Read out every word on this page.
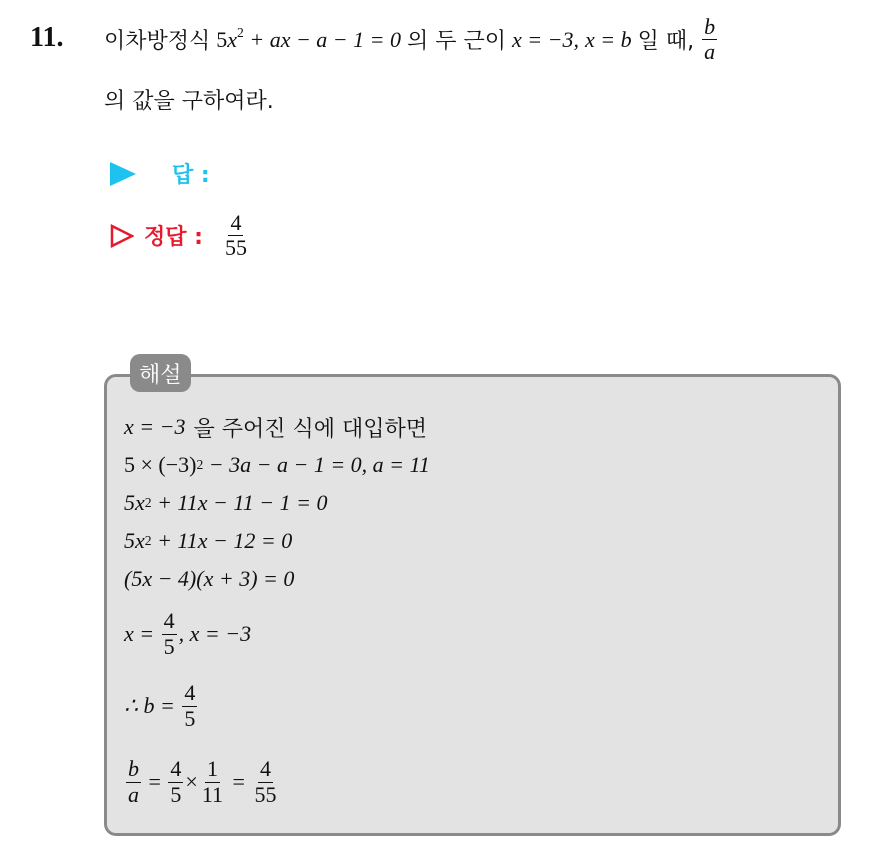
11. 이차방정식 $5x^2$ + ax − a − 1 = 0 의 두 근이 x = −3, x = b 일 때, $\frac{b}{a}$
의 값을 구하여라.
답 :
정답 : $\frac{4}{55}$
해설
x = −3 을 주어진 식에 대입하면
5 × (−3) 2
− 3a − a − 1 = 0, a = 11
5x 2
+ 11x − 11 − 1 = 0
5x 2
+ 11x − 12 = 0
(5x − 4)(x + 3) = 0
x =
$\frac{4}{5}$ , x = −3
∴ b =
$\frac{4}{5}$
$\frac{b}{a}$
=
$\frac{4}{5} \times \frac{1}{11}$
=
$\frac{4}{55}$
